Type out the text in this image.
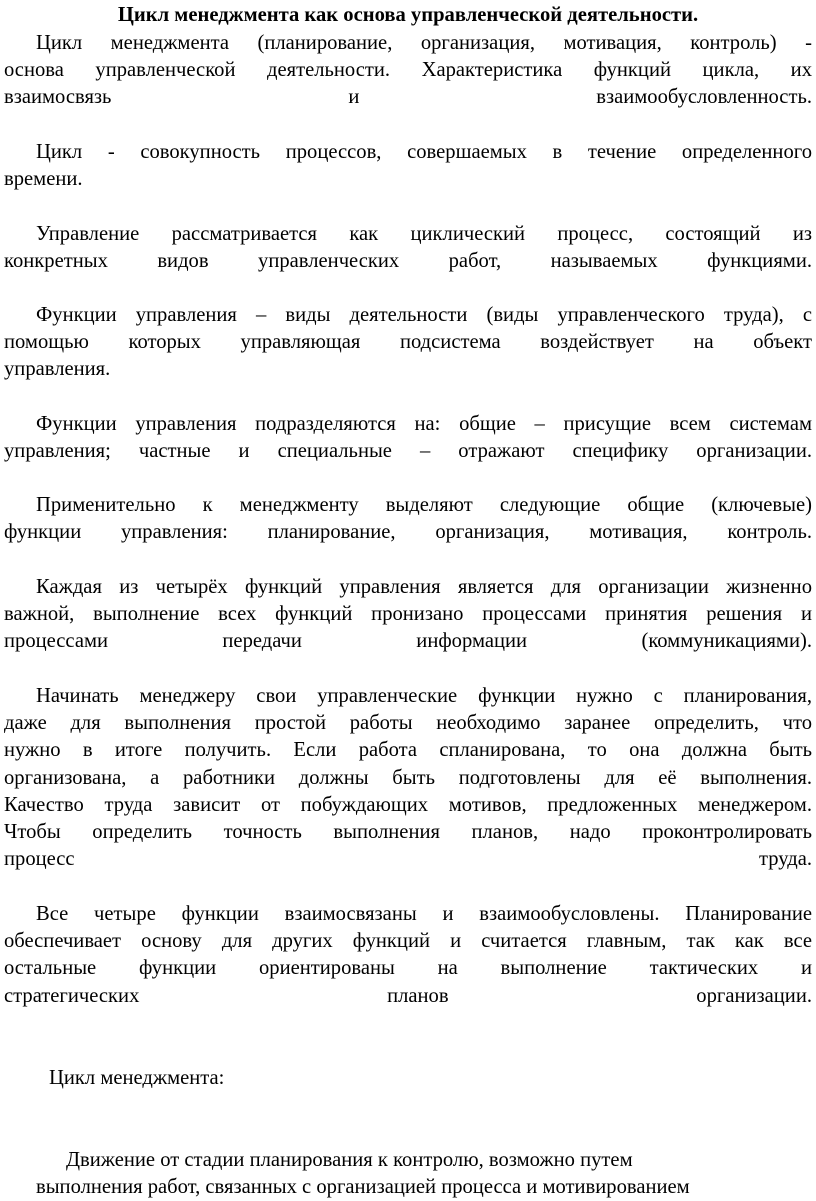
Цикл менеджмента как основа управленческой деятельности.
Цикл менеджмента (планирование, организация, мотивация, контроль) -
основа управленческой деятельности. Характеристика функций цикла, их
взаимосвязь и взаимообусловленность.
Цикл - совокупность процессов, совершаемых в течение определенного
времени.
Управление рассматривается как циклический процесс, состоящий из
конкретных видов управленческих работ, называемых функциями.
Функции управления – виды деятельности (виды управленческого труда), с
помощью которых управляющая подсистема воздействует на объект
управления.
Функции управления подразделяются на: общие – присущие всем системам
управления; частные и специальные – отражают специфику организации.
Применительно к менеджменту выделяют следующие общие (ключевые)
функции управления: планирование, организация, мотивация, контроль.
Каждая из четырёх функций управления является для организации жизненно
важной, выполнение всех функций пронизано процессами принятия решения и
процессами передачи информации (коммуникациями).
Начинать менеджеру свои управленческие функции нужно с планирования,
даже для выполнения простой работы необходимо заранее определить, что
нужно в итоге получить. Если работа спланирована, то она должна быть
организована, а работники должны быть подготовлены для её выполнения.
Качество труда зависит от побуждающих мотивов, предложенных менеджером.
Чтобы определить точность выполнения планов, надо проконтролировать
процесс труда.
Все четыре функции взаимосвязаны и взаимообусловлены. Планирование
обеспечивает основу для других функций и считается главным, так как все
остальные функции ориентированы на выполнение тактических и
стратегических планов организации.

Цикл менеджмента:

Движение от стадии планирования к контролю, возможно путем

выполнения работ, связанных с организацией процесса и мотивированием
